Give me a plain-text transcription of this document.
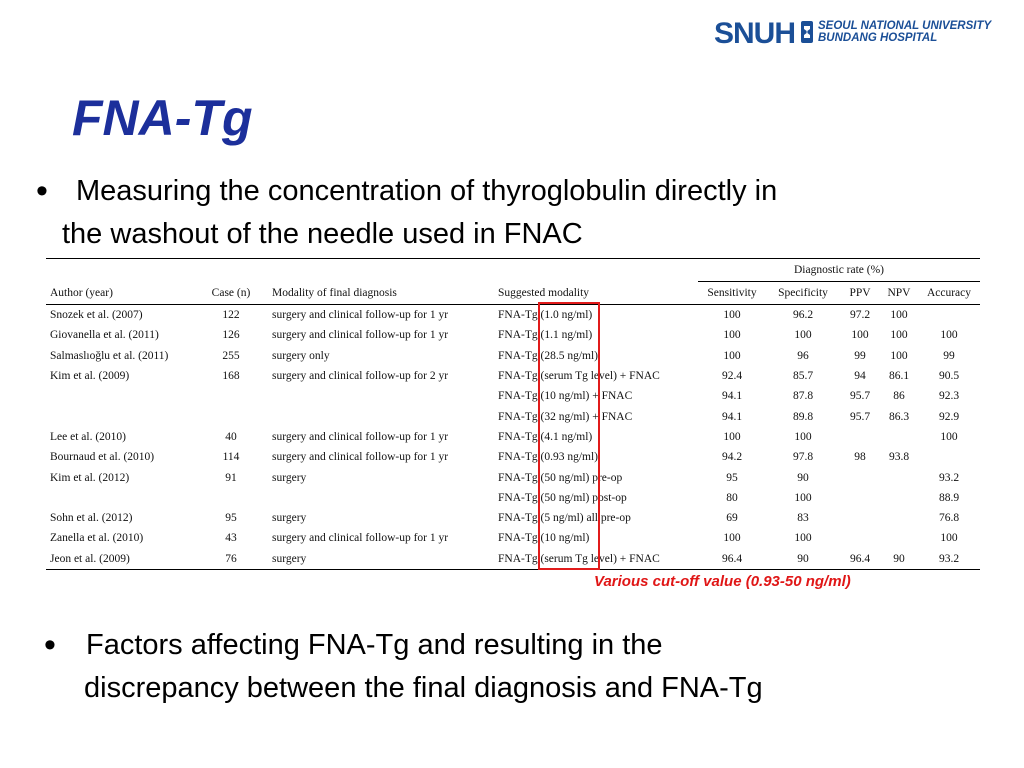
SNUH SEOUL NATIONAL UNIVERSITY
BUNDANG HOSPITAL
FNA-Tg
• Measuring the concentration of thyroglobulin directly in
the washout of the needle used in FNAC
				Diagnostic rate (%)				
Author (year)	Case (n)	Modality of final diagnosis	Suggested modality	Sensitivity	Specificity	PPV	NPV	Accuracy
Snozek et al. (2007)	122	surgery and clinical follow-up for 1 yr	FNA-Tg (1.0 ng/ml)	100	96.2	97.2	100	
Giovanella et al. (2011)	126	surgery and clinical follow-up for 1 yr	FNA-Tg (1.1 ng/ml)	100	100	100	100	100
Salmaslıoğlu et al. (2011)	255	surgery only	FNA-Tg (28.5 ng/ml)	100	96	99	100	99
Kim et al. (2009)	168	surgery and clinical follow-up for 2 yr	FNA-Tg (serum Tg level) + FNAC	92.4	85.7	94	86.1	90.5
			FNA-Tg (10 ng/ml) + FNAC	94.1	87.8	95.7	86	92.3
			FNA-Tg (32 ng/ml) + FNAC	94.1	89.8	95.7	86.3	92.9
Lee et al. (2010)	40	surgery and clinical follow-up for 1 yr	FNA-Tg (4.1 ng/ml)	100	100			100
Bournaud et al. (2010)	114	surgery and clinical follow-up for 1 yr	FNA-Tg (0.93 ng/ml)	94.2	97.8	98	93.8	
Kim et al. (2012)	91	surgery	FNA-Tg (50 ng/ml) pre-op	95	90			93.2
			FNA-Tg (50 ng/ml) post-op	80	100			88.9
Sohn et al. (2012)	95	surgery	FNA-Tg (5 ng/ml) all pre-op	69	83			76.8
Zanella et al. (2010)	43	surgery and clinical follow-up for 1 yr	FNA-Tg (10 ng/ml)	100	100			100
Jeon et al. (2009)	76	surgery	FNA-Tg (serum Tg level) + FNAC	96.4	90	96.4	90	93.2
Various cut-off value (0.93-50 ng/ml)
• Factors affecting FNA-Tg and resulting in the
discrepancy between the final diagnosis and FNA-Tg
